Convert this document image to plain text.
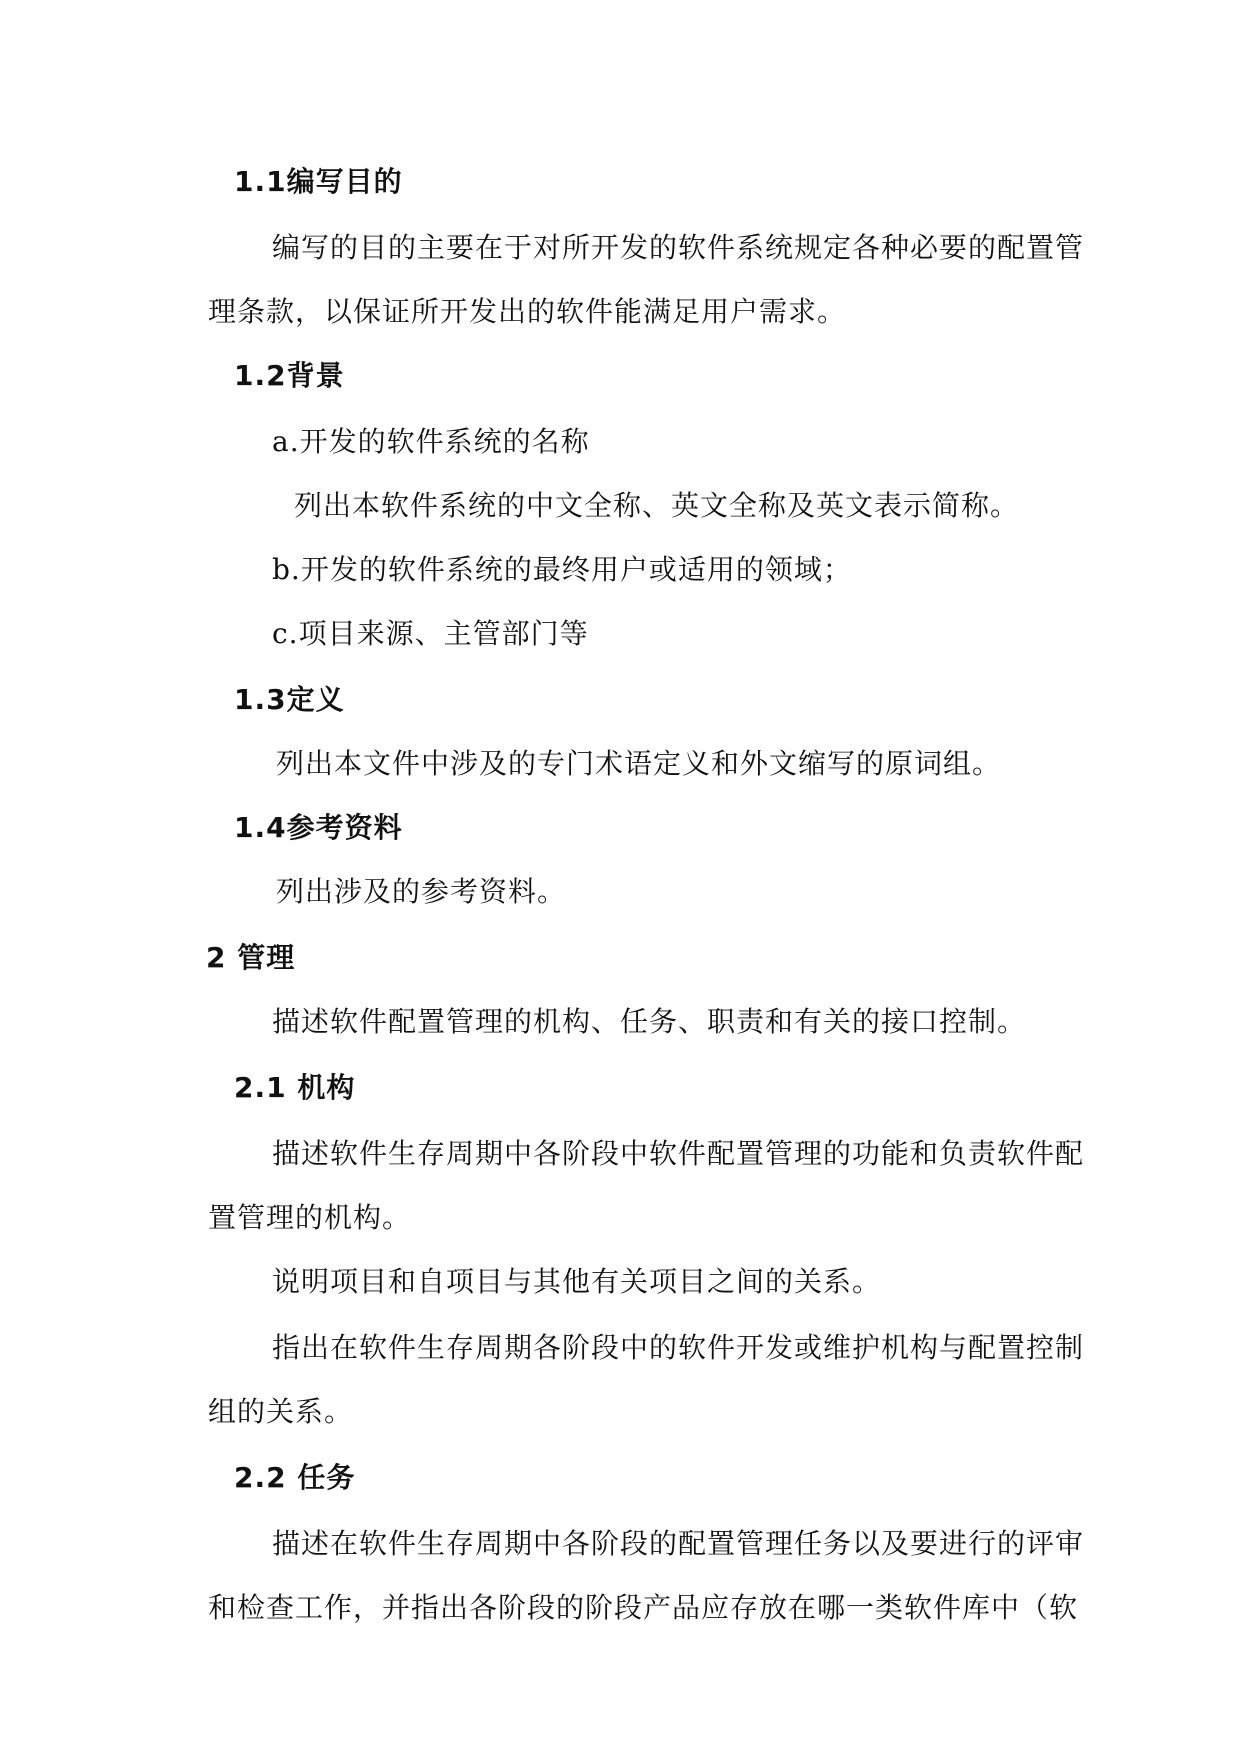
1.1编写目的
编写的目的主要在于对所开发的软件系统规定各种必要的配置管
理条款，以保证所开发出的软件能满足用户需求。
1.2背景
a.开发的软件系统的名称
列出本软件系统的中文全称、英文全称及英文表示简称。
b.开发的软件系统的最终用户或适用的领域；
c.项目来源、主管部门等
1.3定义
列出本文件中涉及的专门术语定义和外文缩写的原词组。
1.4参考资料
列出涉及的参考资料。
2 管理
描述软件配置管理的机构、任务、职责和有关的接口控制。
2.1 机构
描述软件生存周期中各阶段中软件配置管理的功能和负责软件配
置管理的机构。
说明项目和自项目与其他有关项目之间的关系。
指出在软件生存周期各阶段中的软件开发或维护机构与配置控制
组的关系。
2.2 任务
描述在软件生存周期中各阶段的配置管理任务以及要进行的评审
和检查工作，并指出各阶段的阶段产品应存放在哪一类软件库中（软
